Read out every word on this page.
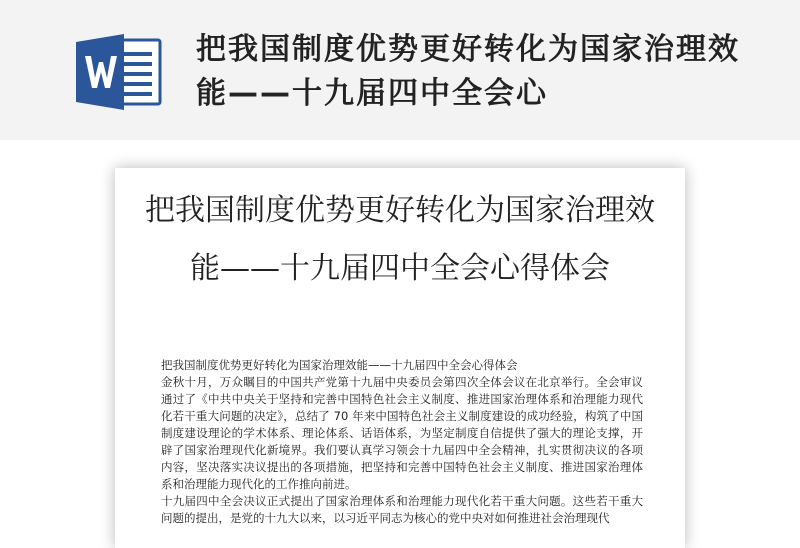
把我国制度优势更好转化为国家治理效能——十九届四中全会心
把我国制度优势更好转化为国家治理效能——十九届四中全会心得体会

把我国制度优势更好转化为国家治理效能——十九届四中全会心得体会

金秋十月，万众瞩目的中国共产党第十九届中央委员会第四次全体会议在北京举行。全会审议通过了《中共中央关于坚持和完善中国特色社会主义制度、推进国家治理体系和治理能力现代化若干重大问题的决定》，总结了 70 年来中国特色社会主义制度建设的成功经验，构筑了中国制度建设理论的学术体系、理论体系、话语体系，为坚定制度自信提供了强大的理论支撑，开辟了国家治理现代化新境界。我们要认真学习领会十九届四中全会精神，扎实贯彻决议的各项内容，坚决落实决议提出的各项措施，把坚持和完善中国特色社会主义制度、推进国家治理体系和治理能力现代化的工作推向前进。

十九届四中全会决议正式提出了国家治理体系和治理能力现代化若干重大问题。这些若干重大问题的提出，是党的十九大以来，以习近平同志为核心的党中央对如何推进社会治理现代
